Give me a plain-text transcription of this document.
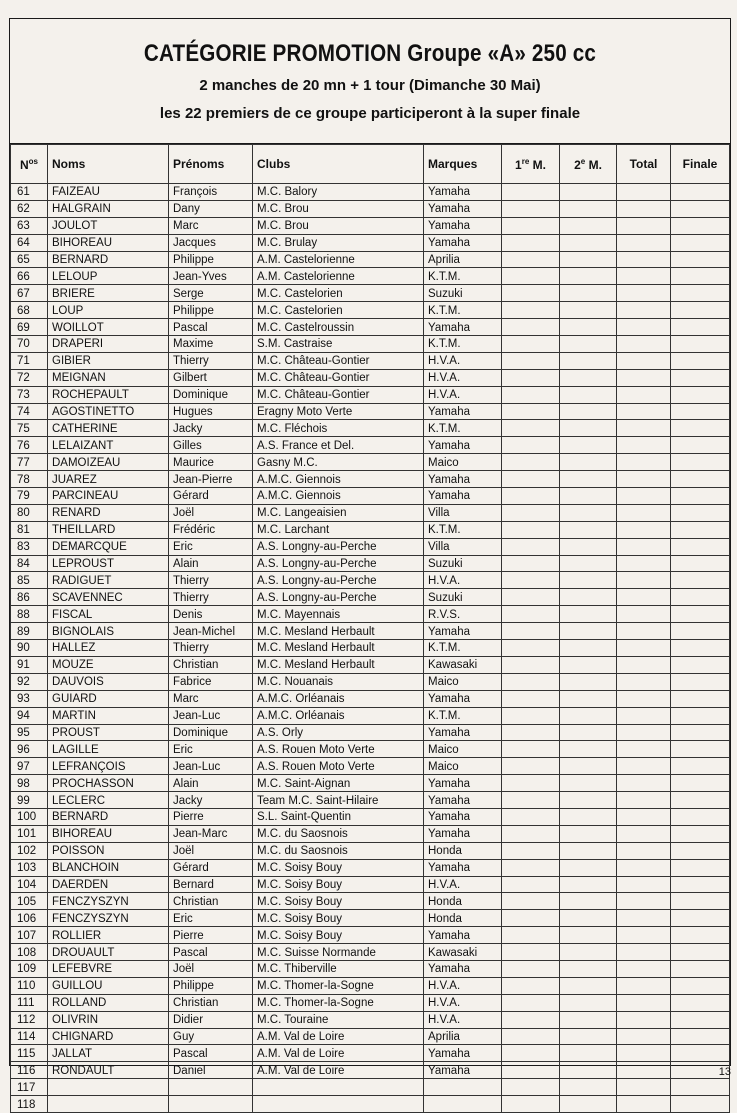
CATÉGORIE PROMOTION Groupe «A» 250 cc
2 manches de 20 mn + 1 tour (Dimanche 30 Mai)
les 22 premiers de ce groupe participeront à la super finale
$N^{os}$	Noms	Prénoms	Clubs	Marques	1re M.	2e M.	Total	Finale
61	FAIZEAU	François	M.C. Balory	Yamaha				
62	HALGRAIN	Dany	M.C. Brou	Yamaha				
63	JOULOT	Marc	M.C. Brou	Yamaha				
64	BIHOREAU	Jacques	M.C. Brulay	Yamaha				
65	BERNARD	Philippe	A.M. Castelorienne	Aprilia				
66	LELOUP	Jean-Yves	A.M. Castelorienne	K.T.M.				
67	BRIERE	Serge	M.C. Castelorien	Suzuki				
68	LOUP	Philippe	M.C. Castelorien	K.T.M.				
69	WOILLOT	Pascal	M.C. Castelroussin	Yamaha				
70	DRAPERI	Maxime	S.M. Castraise	K.T.M.				
71	GIBIER	Thierry	M.C. Château-Gontier	H.V.A.				
72	MEIGNAN	Gilbert	M.C. Château-Gontier	H.V.A.				
73	ROCHEPAULT	Dominique	M.C. Château-Gontier	H.V.A.				
74	AGOSTINETTO	Hugues	Eragny Moto Verte	Yamaha				
75	CATHERINE	Jacky	M.C. Fléchois	K.T.M.				
76	LELAIZANT	Gilles	A.S. France et Del.	Yamaha				
77	DAMOIZEAU	Maurice	Gasny M.C.	Maico				
78	JUAREZ	Jean-Pierre	A.M.C. Giennois	Yamaha				
79	PARCINEAU	Gérard	A.M.C. Giennois	Yamaha				
80	RENARD	Joël	M.C. Langeaisien	Villa				
81	THEILLARD	Frédéric	M.C. Larchant	K.T.M.				
83	DEMARCQUE	Eric	A.S. Longny-au-Perche	Villa				
84	LEPROUST	Alain	A.S. Longny-au-Perche	Suzuki				
85	RADIGUET	Thierry	A.S. Longny-au-Perche	H.V.A.				
86	SCAVENNEC	Thierry	A.S. Longny-au-Perche	Suzuki				
88	FISCAL	Denis	M.C. Mayennais	R.V.S.				
89	BIGNOLAIS	Jean-Michel	M.C. Mesland Herbault	Yamaha				
90	HALLEZ	Thierry	M.C. Mesland Herbault	K.T.M.				
91	MOUZE	Christian	M.C. Mesland Herbault	Kawasaki				
92	DAUVOIS	Fabrice	M.C. Nouanais	Maico				
93	GUIARD	Marc	A.M.C. Orléanais	Yamaha				
94	MARTIN	Jean-Luc	A.M.C. Orléanais	K.T.M.				
95	PROUST	Dominique	A.S. Orly	Yamaha				
96	LAGILLE	Eric	A.S. Rouen Moto Verte	Maico				
97	LEFRANÇOIS	Jean-Luc	A.S. Rouen Moto Verte	Maico				
98	PROCHASSON	Alain	M.C. Saint-Aignan	Yamaha				
99	LECLERC	Jacky	Team M.C. Saint-Hilaire	Yamaha				
100	BERNARD	Pierre	S.L. Saint-Quentin	Yamaha				
101	BIHOREAU	Jean-Marc	M.C. du Saosnois	Yamaha				
102	POISSON	Joël	M.C. du Saosnois	Honda				
103	BLANCHOIN	Gérard	M.C. Soisy Bouy	Yamaha				
104	DAERDEN	Bernard	M.C. Soisy Bouy	H.V.A.				
105	FENCZYSZYN	Christian	M.C. Soisy Bouy	Honda				
106	FENCZYSZYN	Eric	M.C. Soisy Bouy	Honda				
107	ROLLIER	Pierre	M.C. Soisy Bouy	Yamaha				
108	DROUAULT	Pascal	M.C. Suisse Normande	Kawasaki				
109	LEFEBVRE	Joël	M.C. Thiberville	Yamaha				
110	GUILLOU	Philippe	M.C. Thomer-la-Sogne	H.V.A.				
111	ROLLAND	Christian	M.C. Thomer-la-Sogne	H.V.A.				
112	OLIVRIN	Didier	M.C. Touraine	H.V.A.				
114	CHIGNARD	Guy	A.M. Val de Loire	Aprilia				
115	JALLAT	Pascal	A.M. Val de Loire	Yamaha				
116	RONDAULT	Daniel	A.M. Val de Loire	Yamaha				
117								
118								
13
